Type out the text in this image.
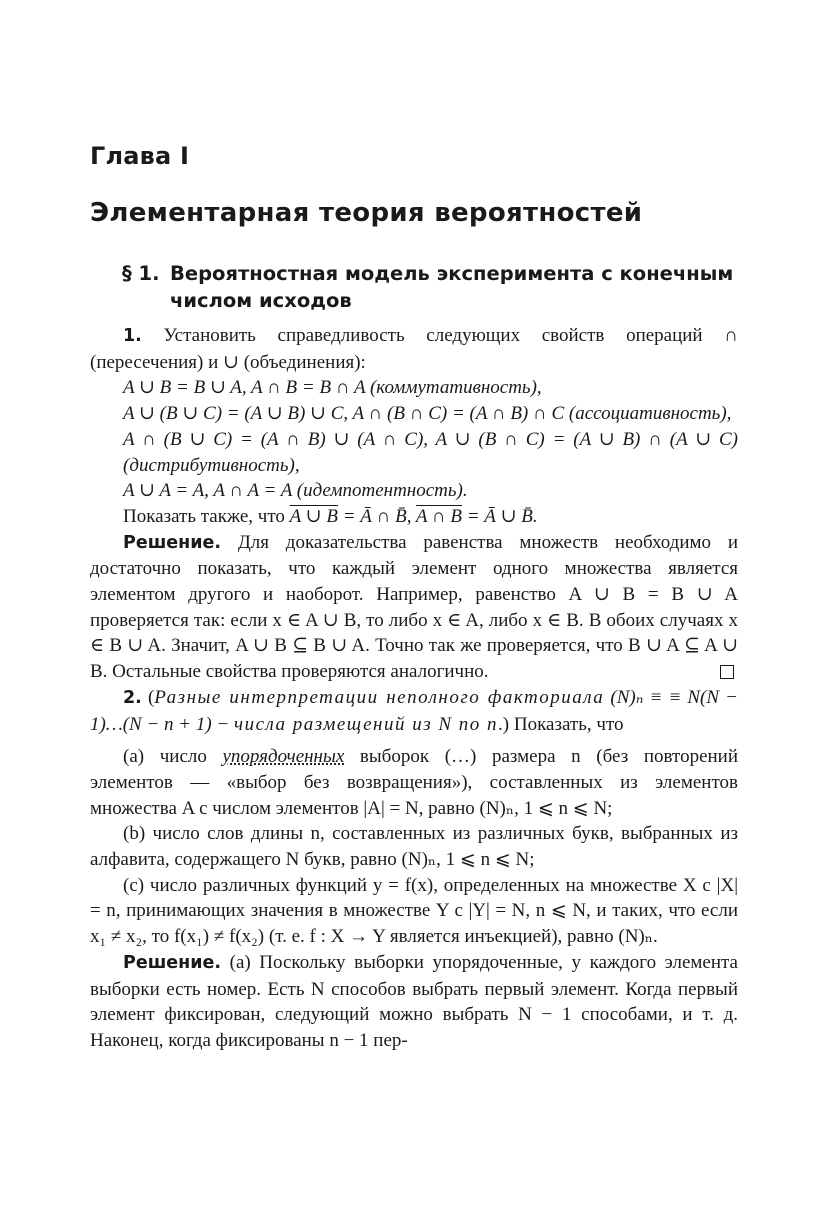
Глава I
Элементарная теория вероятностей
§ 1. Вероятностная модель эксперимента с конечным
числом исходов

1. Установить справедливость следующих свойств операций ∩ (пересечения) и ∪ (объединения):

A ∪ B = B ∪ A, A ∩ B = B ∩ A (коммутативность),

A ∪ (B ∪ C) = (A ∪ B) ∪ C, A ∩ (B ∩ C) = (A ∩ B) ∩ C (ассоциативность),

A ∩ (B ∪ C) = (A ∩ B) ∪ (A ∩ C), A ∪ (B ∩ C) = (A ∪ B) ∩ (A ∪ C) (дистрибутивность),

A ∪ A = A, A ∩ A = A (идемпотентность).

Показать также, что A ∪ B = Ā ∩ B̄, A ∩ B = Ā ∪ B̄.

Решение. Для доказательства равенства множеств необходимо и достаточно показать, что каждый элемент одного множества является элементом другого и наоборот. Например, равенство A ∪ B = B ∪ A проверяется так: если x ∈ A ∪ B, то либо x ∈ A, либо x ∈ B. В обоих случаях x ∈ B ∪ A. Значит, A ∪ B ⊆ B ∪ A. Точно так же проверяется, что B ∪ A ⊆ A ∪ B. Остальные свойства проверяются аналогично.

2. (Разные интерпретации неполного факториала (N)ₙ ≡ ≡ N(N − 1)…(N − n + 1) − числа размещений из N по n.) Показать, что

(a) число упорядоченных выборок (…) размера n (без повторений элементов — «выбор без возвращения»), составленных из элементов множества A с числом элементов |A| = N, равно (N)ₙ, 1 ⩽ n ⩽ N;

(b) число слов длины n, составленных из различных букв, выбранных из алфавита, содержащего N букв, равно (N)ₙ, 1 ⩽ n ⩽ N;

(c) число различных функций y = f(x), определенных на множестве X с |X| = n, принимающих значения в множестве Y с |Y| = N, n ⩽ N, и таких, что если x₁ ≠ x₂, то f(x₁) ≠ f(x₂) (т. е. f : X → Y является инъекцией), равно (N)ₙ.

Решение. (a) Поскольку выборки упорядоченные, у каждого элемента выборки есть номер. Есть N способов выбрать первый элемент. Когда первый элемент фиксирован, следующий можно выбрать N − 1 способами, и т. д. Наконец, когда фиксированы n − 1 пер-
